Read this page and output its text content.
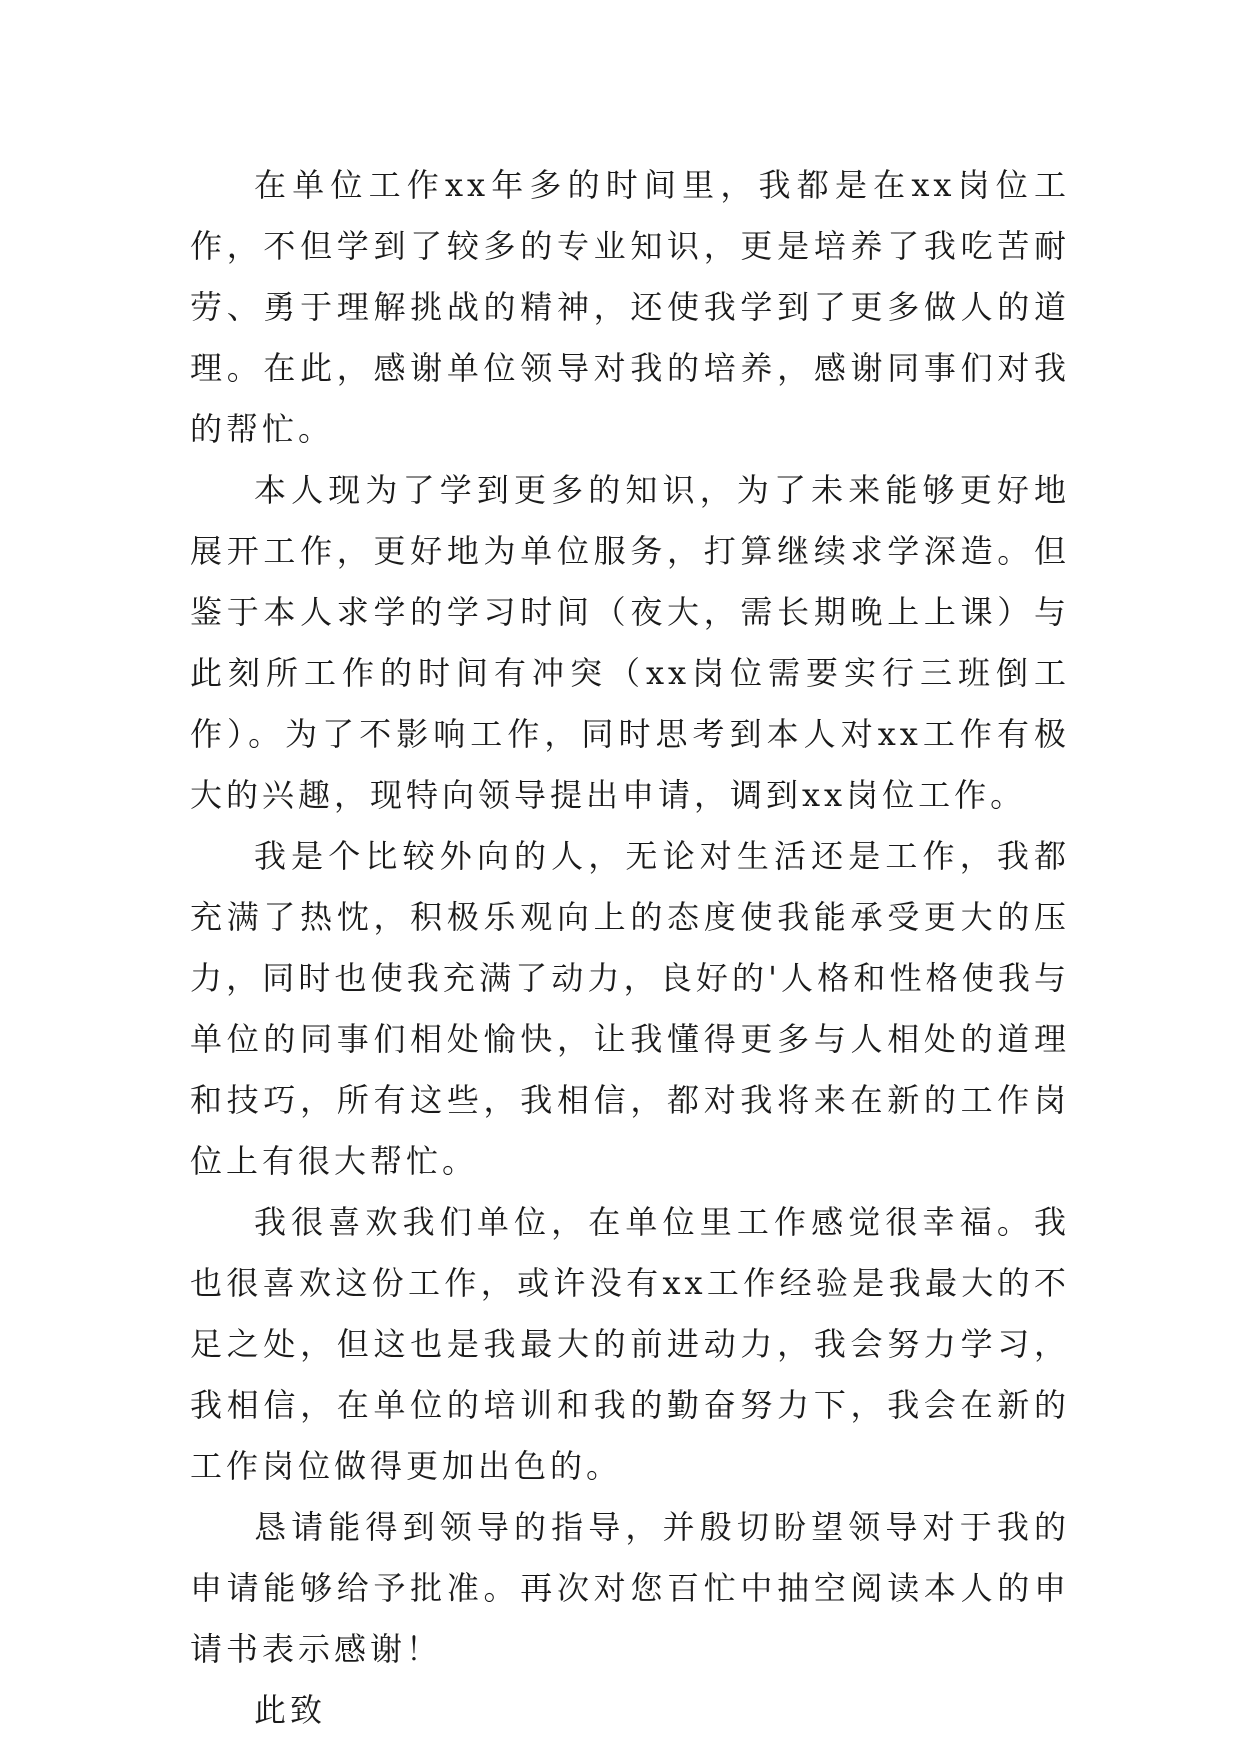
在单位工作xx年多的时间里，我都是在xx岗位工作，不但学到了较多的专业知识，更是培养了我吃苦耐劳、勇于理解挑战的精神，还使我学到了更多做人的道理。在此，感谢单位领导对我的培养，感谢同事们对我的帮忙。

本人现为了学到更多的知识，为了未来能够更好地展开工作，更好地为单位服务，打算继续求学深造。但鉴于本人求学的学习时间（夜大，需长期晚上上课）与此刻所工作的时间有冲突（xx岗位需要实行三班倒工作）。为了不影响工作，同时思考到本人对xx工作有极大的兴趣，现特向领导提出申请，调到xx岗位工作。

我是个比较外向的人，无论对生活还是工作，我都充满了热忱，积极乐观向上的态度使我能承受更大的压力，同时也使我充满了动力，良好的'人格和性格使我与单位的同事们相处愉快，让我懂得更多与人相处的道理和技巧，所有这些，我相信，都对我将来在新的工作岗位上有很大帮忙。

我很喜欢我们单位，在单位里工作感觉很幸福。我也很喜欢这份工作，或许没有xx工作经验是我最大的不足之处，但这也是我最大的前进动力，我会努力学习，我相信，在单位的培训和我的勤奋努力下，我会在新的工作岗位做得更加出色的。

恳请能得到领导的指导，并殷切盼望领导对于我的申请能够给予批准。再次对您百忙中抽空阅读本人的申请书表示感谢！

此致
